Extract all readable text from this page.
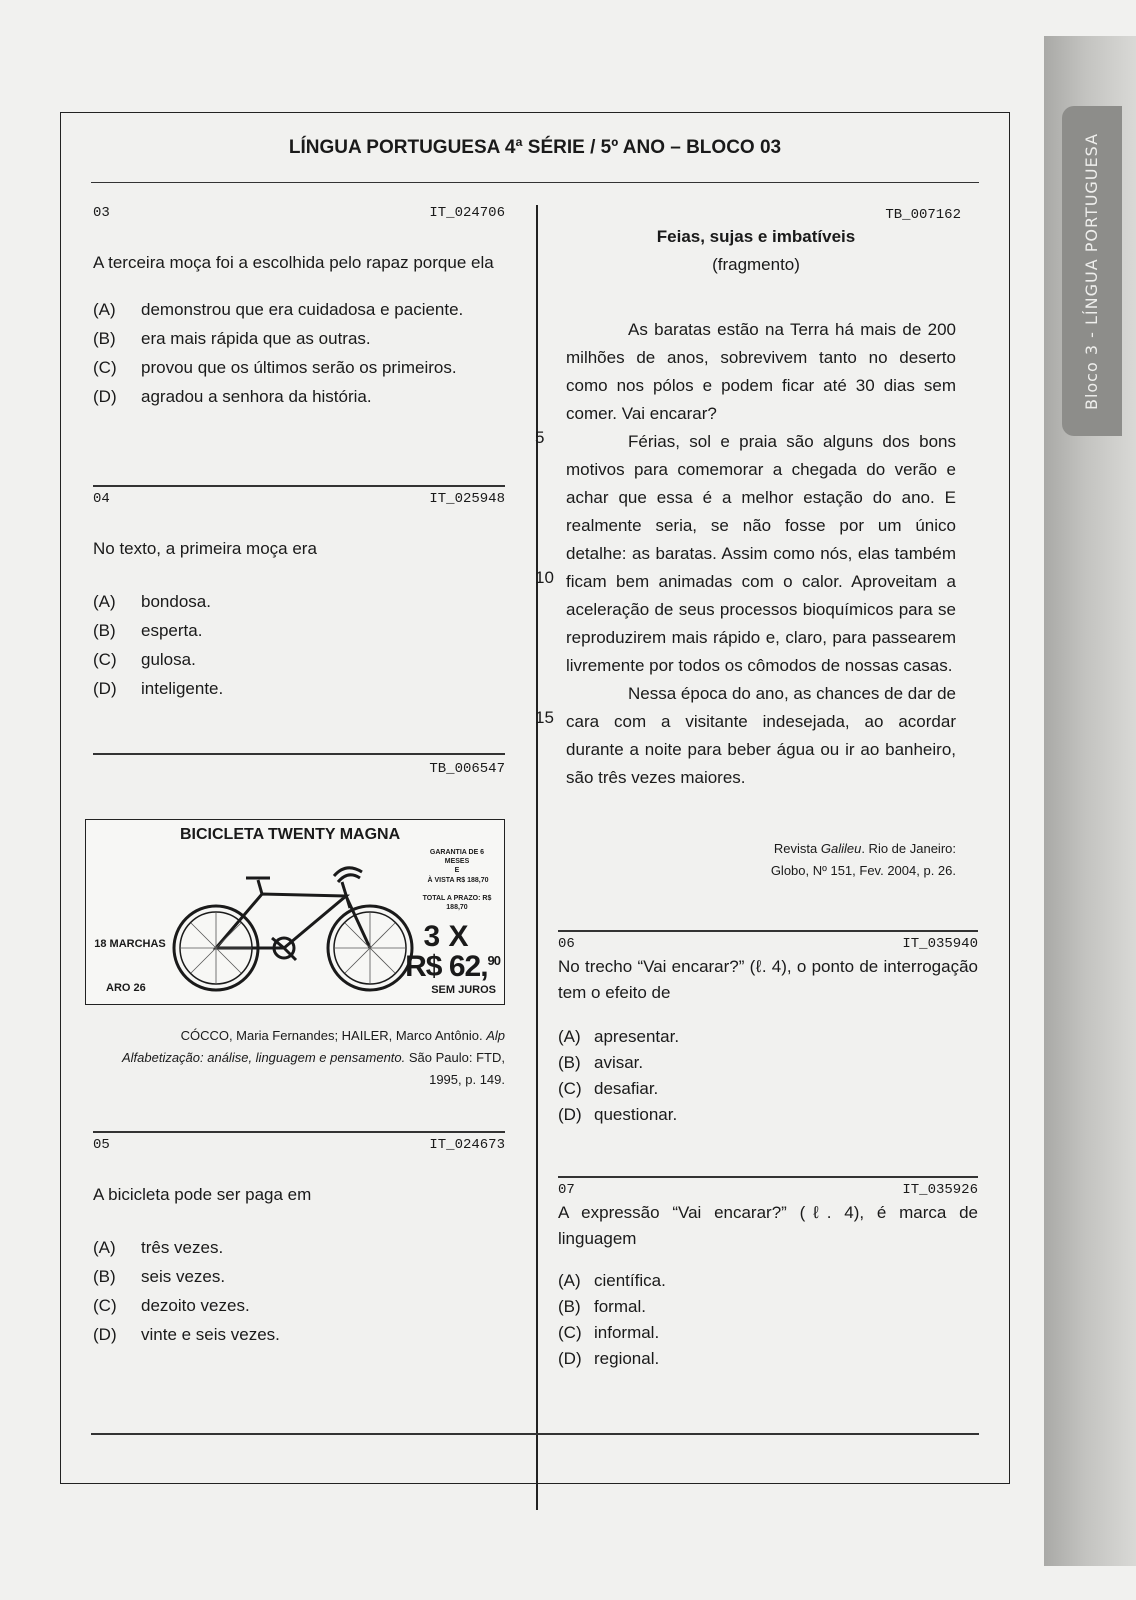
Bloco 3 - LÍNGUA PORTUGUESA
LÍNGUA PORTUGUESA 4ª SÉRIE / 5º ANO – BLOCO 03
03	IT_024706
A terceira moça foi a escolhida pelo rapaz porque ela
(A)	demonstrou que era cuidadosa e paciente.
(B)	era mais rápida que as outras.
(C)	provou que os últimos serão os primeiros.
(D)	agradou a senhora da história.
04	IT_025948
No texto, a primeira moça era
(A)	bondosa.
(B)	esperta.
(C)	gulosa.
(D)	inteligente.
TB_006547
BICICLETA TWENTY MAGNA
GARANTIA DE 6 MESES
E
À VISTA R$ 188,70
TOTAL A PRAZO: R$ 188,70
3 X
R$ 62,90
SEM JUROS
18 MARCHAS
ARO 26
CÓCCO, Maria Fernandes; HAILER, Marco Antônio. Alp Alfabetização: análise, linguagem e pensamento. São Paulo: FTD, 1995, p. 149.
05	IT_024673
A bicicleta pode ser paga em
(A)	três vezes.
(B)	seis vezes.
(C)	dezoito vezes.
(D)	vinte e seis vezes.
TB_007162
Feias, sujas e imbatíveis
(fragmento)

As baratas estão na Terra há mais de 200 milhões de anos, sobrevivem tanto no deserto como nos pólos e podem ficar até 30 dias sem comer. Vai encarar?

Férias, sol e praia são alguns dos bons motivos para comemorar a chegada do verão e achar que essa é a melhor estação do ano. E realmente seria, se não fosse por um único detalhe: as baratas. Assim como nós, elas também ficam bem animadas com o calor. Aproveitam a aceleração de seus processos bioquímicos para se reproduzirem mais rápido e, claro, para passearem livremente por todos os cômodos de nossas casas.

Nessa época do ano, as chances de dar de cara com a visitante indesejada, ao acordar durante a noite para beber água ou ir ao banheiro, são três vezes maiores.

5
10
15
Revista Galileu. Rio de Janeiro:
Globo, Nº 151, Fev. 2004, p. 26.
06	IT_035940
No trecho “Vai encarar?” (ℓ. 4), o ponto de interrogação tem o efeito de
(A) apresentar.
(B) avisar.
(C) desafiar.
(D) questionar.
07	IT_035926
A expressão “Vai encarar?” (ℓ. 4), é marca de linguagem
(A) científica.
(B) formal.
(C) informal.
(D) regional.
